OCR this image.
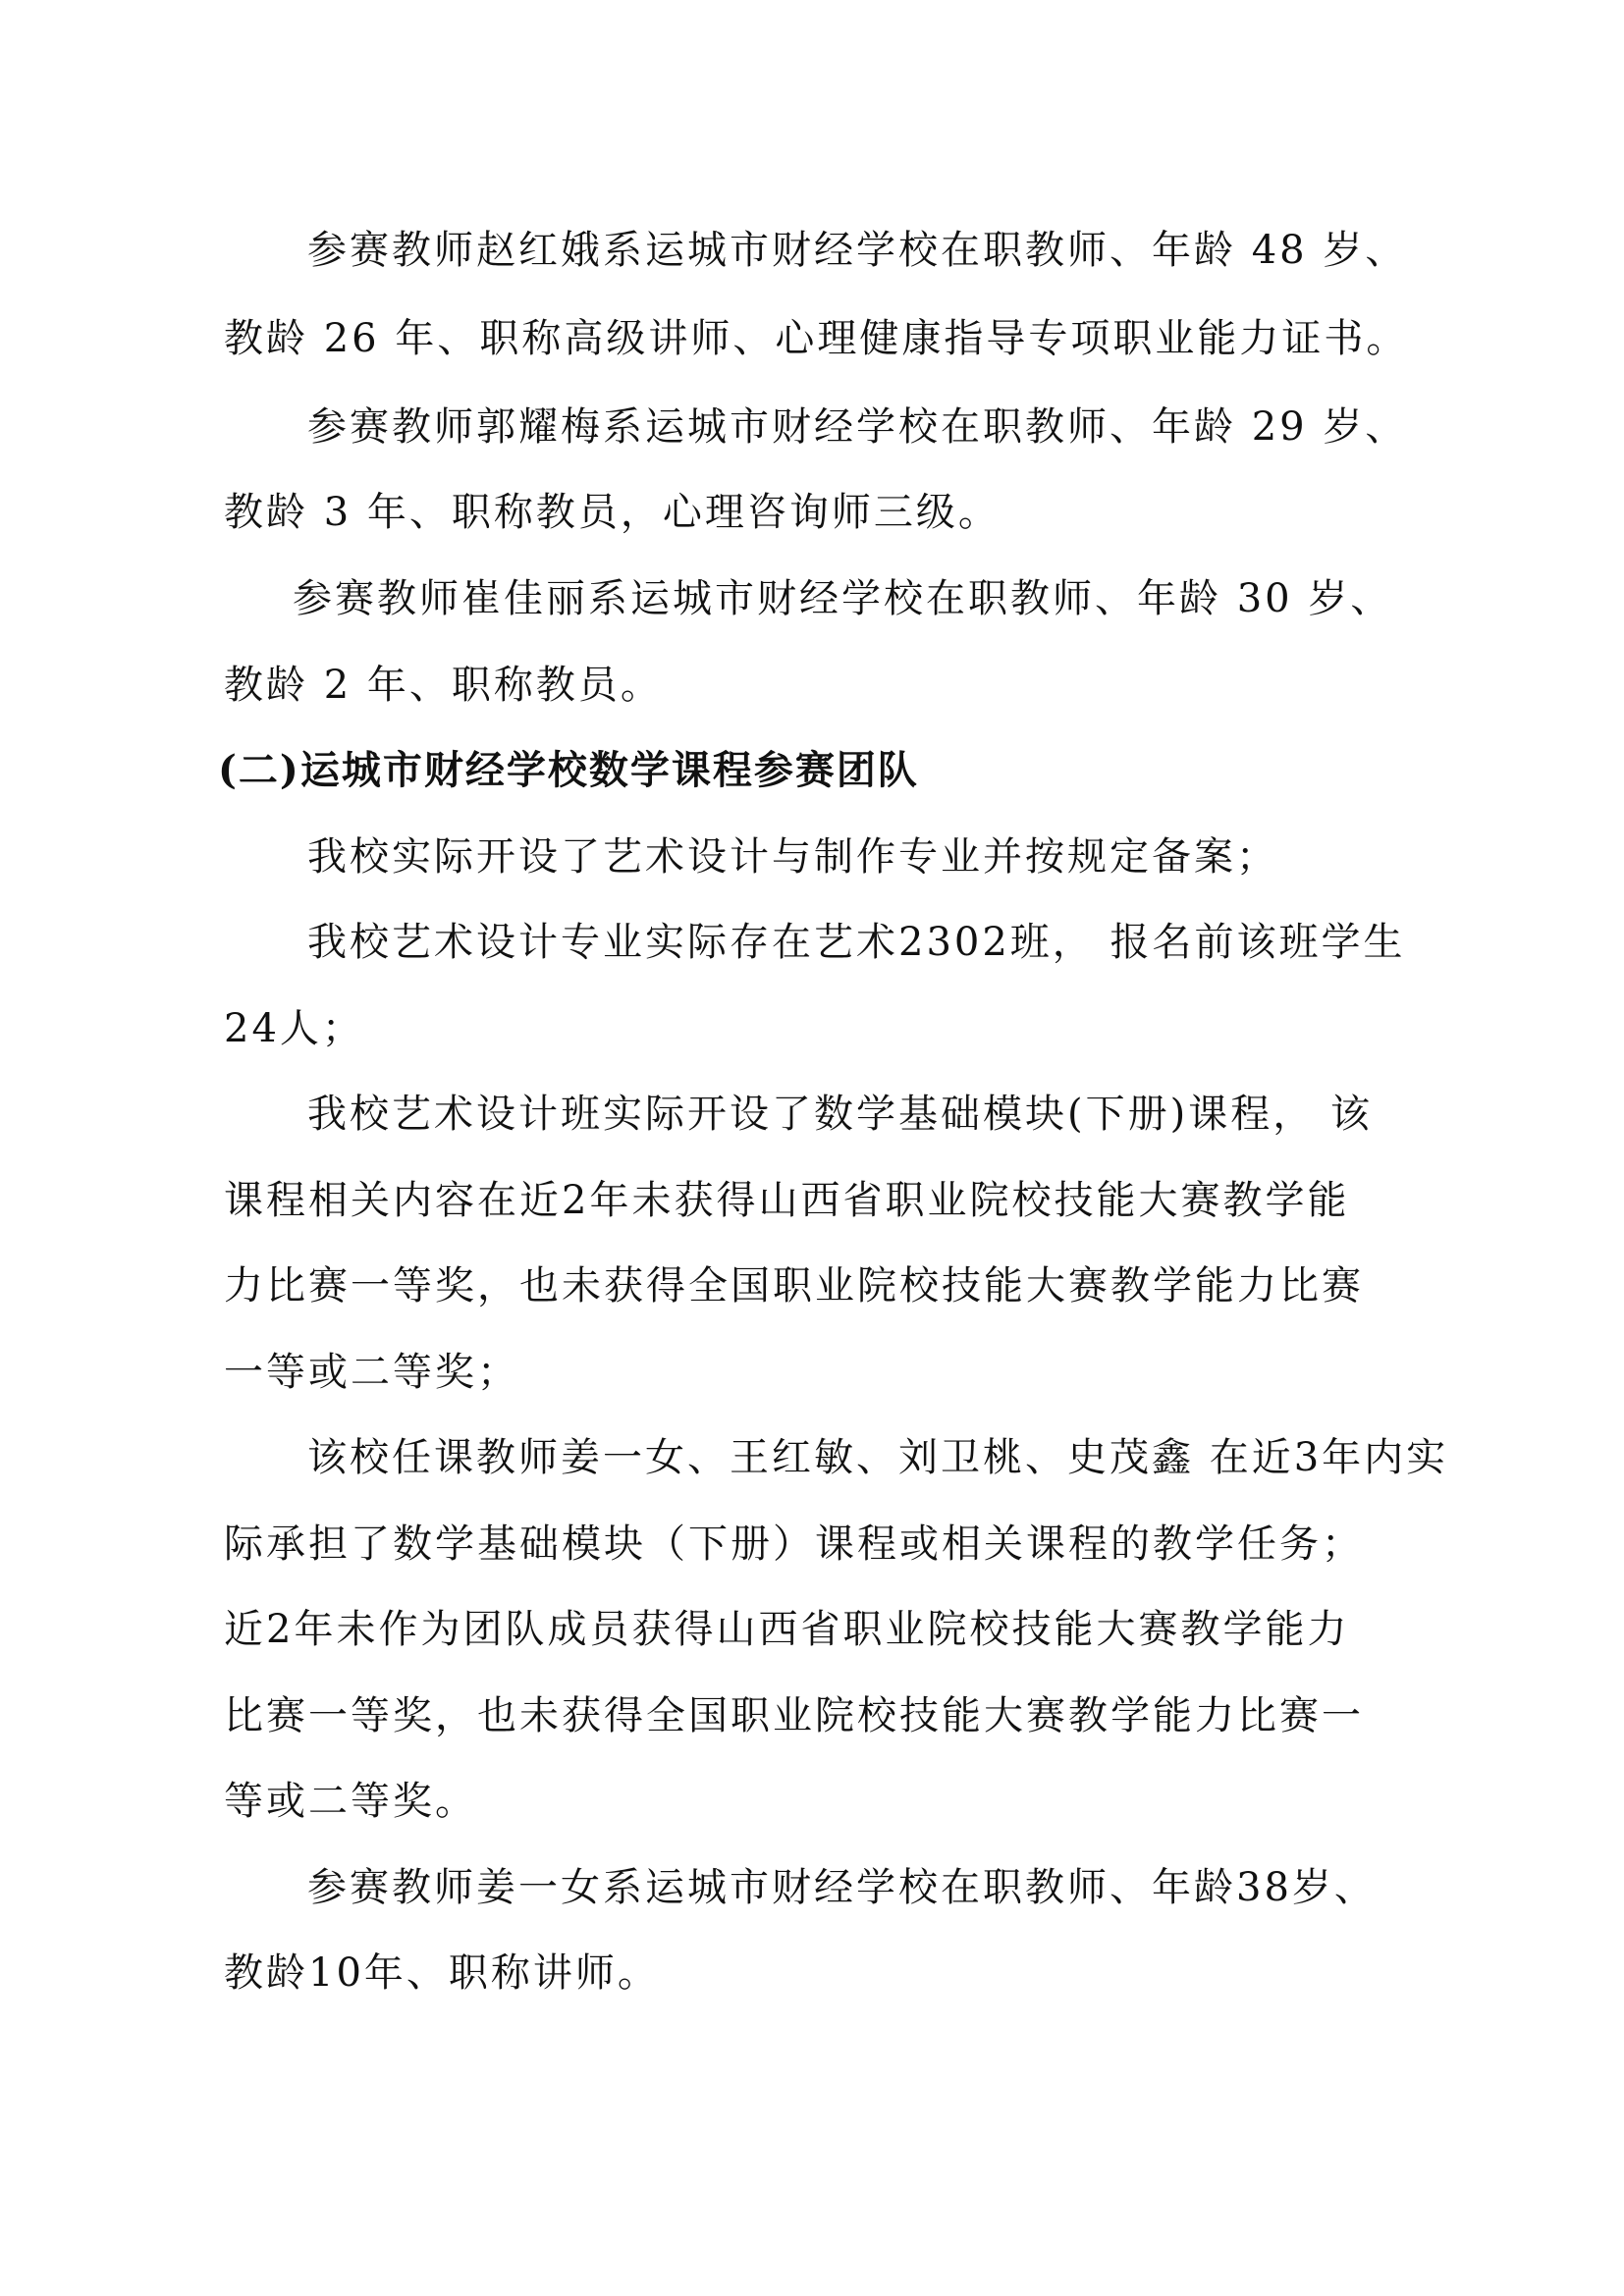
参赛教师赵红娥系运城市财经学校在职教师、年龄 48 岁、
教龄 26 年、职称高级讲师、心理健康指导专项职业能力证书。
参赛教师郭耀梅系运城市财经学校在职教师、年龄 29 岁、
教龄 3 年、职称教员，心理咨询师三级。
参赛教师崔佳丽系运城市财经学校在职教师、年龄 30 岁、
教龄 2 年、职称教员。
(二)运城市财经学校数学课程参赛团队
我校实际开设了艺术设计与制作专业并按规定备案；
我校艺术设计专业实际存在艺术2302班， 报名前该班学生
24人；
我校艺术设计班实际开设了数学基础模块(下册)课程， 该
课程相关内容在近2年未获得山西省职业院校技能大赛教学能
力比赛一等奖，也未获得全国职业院校技能大赛教学能力比赛
一等或二等奖；
该校任课教师姜一女、王红敏、刘卫桃、史茂鑫 在近3年内实
际承担了数学基础模块（下册）课程或相关课程的教学任务；
近2年未作为团队成员获得山西省职业院校技能大赛教学能力
比赛一等奖，也未获得全国职业院校技能大赛教学能力比赛一
等或二等奖。
参赛教师姜一女系运城市财经学校在职教师、年龄38岁、
教龄10年、职称讲师。
